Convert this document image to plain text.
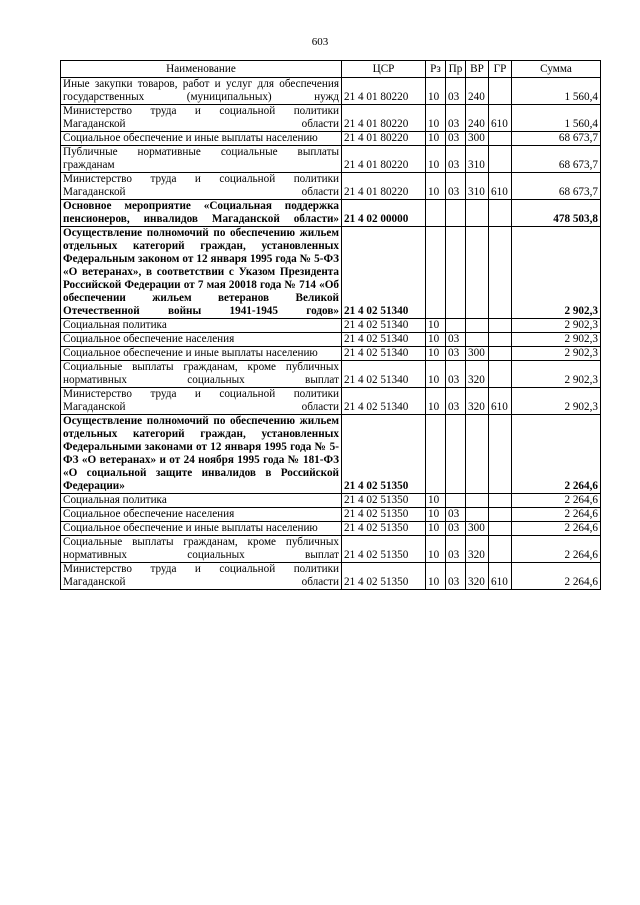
603
Наименование	ЦСР	Рз	Пр	ВР	ГР	Сумма
Иные закупки товаров, работ и услуг для обеспечения государственных (муниципальных) нужд	21 4 01 80220	10	03	240		1 560,4
Министерство труда и социальной политики Магаданской области	21 4 01 80220	10	03	240	610	1 560,4
Социальное обеспечение и иные выплаты населению	21 4 01 80220	10	03	300		68 673,7
Публичные нормативные социальные выплаты гражданам	21 4 01 80220	10	03	310		68 673,7
Министерство труда и социальной политики Магаданской области	21 4 01 80220	10	03	310	610	68 673,7
Основное мероприятие «Социальная поддержка пенсионеров, инвалидов Магаданской области»	21 4 02 00000					478 503,8
Осуществление полномочий по обеспечению жильем отдельных категорий граждан, установленных Федеральным законом от 12 января 1995 года № 5-ФЗ «О ветеранах», в соответствии с Указом Президента Российской Федерации от 7 мая 20018 года № 714 «Об обеспечении жильем ветеранов Великой Отечественной войны 1941-1945 годов»	21 4 02 51340					2 902,3
Социальная политика	21 4 02 51340	10				2 902,3
Социальное обеспечение населения	21 4 02 51340	10	03			2 902,3
Социальное обеспечение и иные выплаты населению	21 4 02 51340	10	03	300		2 902,3
Социальные выплаты гражданам, кроме публичных нормативных социальных выплат	21 4 02 51340	10	03	320		2 902,3
Министерство труда и социальной политики Магаданской области	21 4 02 51340	10	03	320	610	2 902,3
Осуществление полномочий по обеспечению жильем отдельных категорий граждан, установленных Федеральными законами от 12 января 1995 года № 5-ФЗ «О ветеранах» и от 24 ноября 1995 года № 181-ФЗ «О социальной защите инвалидов в Российской Федерации»	21 4 02 51350					2 264,6
Социальная политика	21 4 02 51350	10				2 264,6
Социальное обеспечение населения	21 4 02 51350	10	03			2 264,6
Социальное обеспечение и иные выплаты населению	21 4 02 51350	10	03	300		2 264,6
Социальные выплаты гражданам, кроме публичных нормативных социальных выплат	21 4 02 51350	10	03	320		2 264,6
Министерство труда и социальной политики Магаданской области	21 4 02 51350	10	03	320	610	2 264,6
